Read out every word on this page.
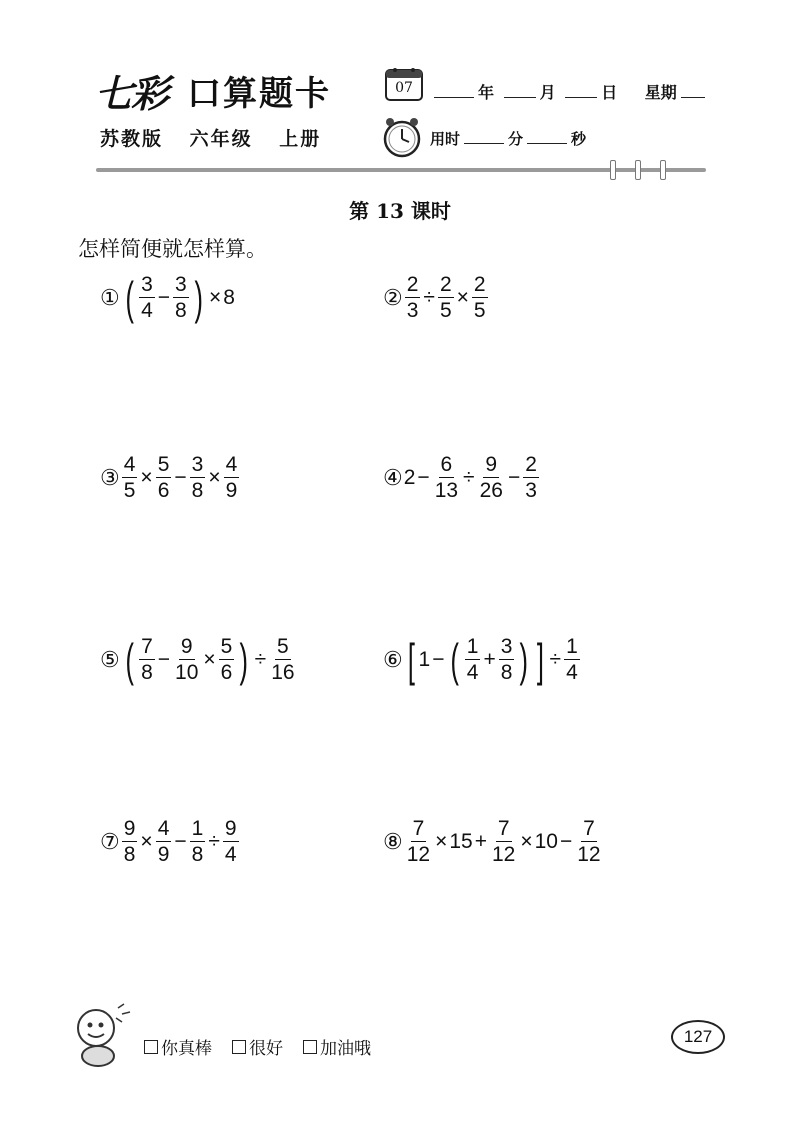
七彩 口算题卡
苏教版 六年级 上册
07	年	月	日 星期
用时	分	秒
第 13 课时
怎样简便就怎样算。
① ( $\frac{3}{4} - \frac{3}{8}$ ) × 8	② $\frac{2}{3} \div \frac{2}{5} \times \frac{2}{5}$
③ $\frac{4}{5} \times \frac{5}{6} - \frac{3}{8} \times \frac{4}{9}$	④ $2 - \frac{6}{13} \div \frac{9}{26} - \frac{2}{3}$
⑤ ( $\frac{7}{8} - \frac{9}{10} \times \frac{5}{6}$ ) ÷ $\frac{5}{16}$	⑥ [ 1 − ( $\frac{1}{4} + \frac{3}{8}$ ) ] ÷ $\frac{1}{4}$
⑦ $\frac{9}{8} \times \frac{4}{9} - \frac{1}{8} \div \frac{9}{4}$	⑧ $\frac{7}{12} \times 15 + \frac{7}{12} \times 10 - \frac{7}{12}$
你真棒 很好 加油哦
127
